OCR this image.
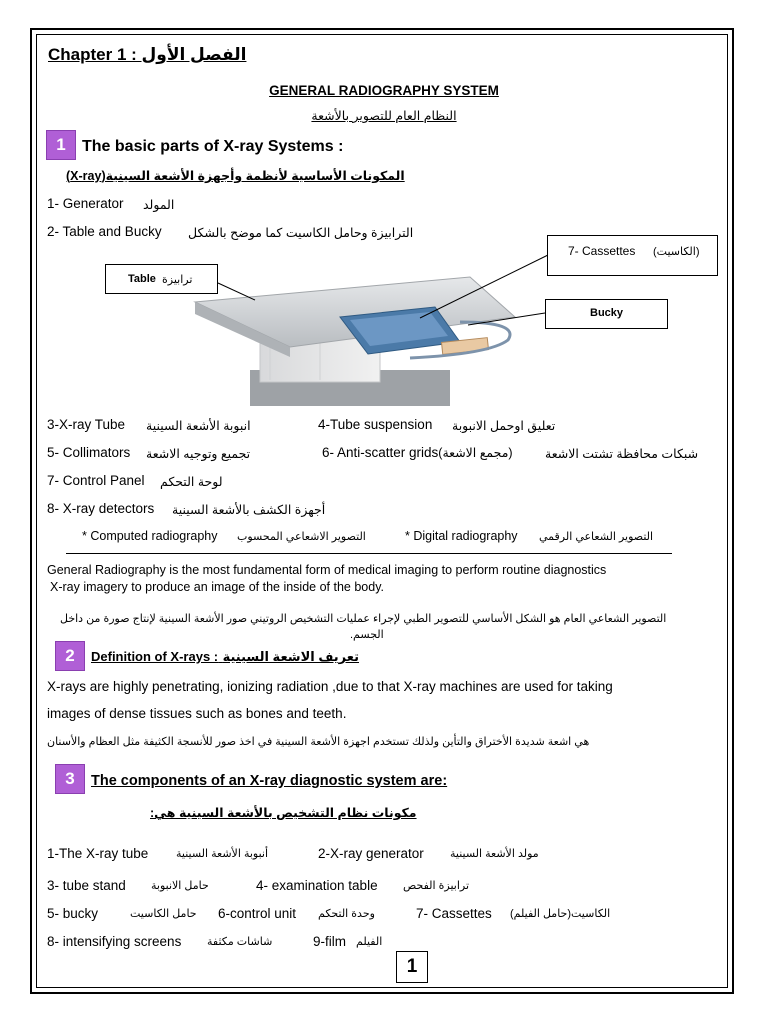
Chapter 1 : الفصل الأول
GENERAL RADIOGRAPHY SYSTEM
النظام العام للتصوير بالأشعة
1	The basic parts of X-ray Systems :
المكونات الأساسية لأنظمة وأجهزة الأشعة السينية(X-ray)
1- Generator المولد
2- Table and Bucky الترابيزة وحامل الكاسيت كما موضح بالشكل
Table ترابيزة
7- Cassettes (الكاسيت)
Bucky
3-X-ray Tube انبوبة الأشعة السينية	4-Tube suspension تعليق اوحمل الانبوبة
5- Collimators تجميع وتوجيه الاشعة	6- Anti-scatter grids(مجمع الاشعة)	شبكات محافظة تشتت الاشعة
7- Control Panel لوحة التحكم
8- X-ray detectors أجهزة الكشف بالأشعة السينية
* Computed radiography التصوير الاشعاعي المحسوب	* Digital radiography التصوير الشعاعي الرقمي
General Radiography is the most fundamental form of medical imaging to perform routine diagnostics
X-ray imagery to produce an image of the inside of the body.
التصوير الشعاعي العام هو الشكل الأساسي للتصوير الطبي لإجراء عمليات التشخيص الروتيني صور الأشعة السينية لإنتاج صورة من داخل
الجسم.
2	Definition of X-rays : تعريف الاشعة السينية
X-rays are highly penetrating, ionizing radiation ,due to that X-ray machines are used for taking
images of dense tissues such as bones and teeth.
هي اشعة شديدة الأختراق والتأين ولذلك تستخدم اجهزة الأشعة السينية في اخذ صور للأنسجة الكثيفة مثل العظام والأسنان
3	The components of an X-ray diagnostic system are:
مكونات نظام التشخيص بالأشعة السينية هي:
1-The X-ray tube	أنبوبة الأشعة السينية	2-X-ray generator مولد الأشعة السينية
3- tube stand حامل الانبوبة	4- examination table ترابيزة الفحص
5- bucky	حامل الكاسيت 6-control unit وحدة التحكم	7- Cassettes الكاسيت(حامل الفيلم)
8- intensifying screens شاشات مكثفة	9-film الفيلم
1
